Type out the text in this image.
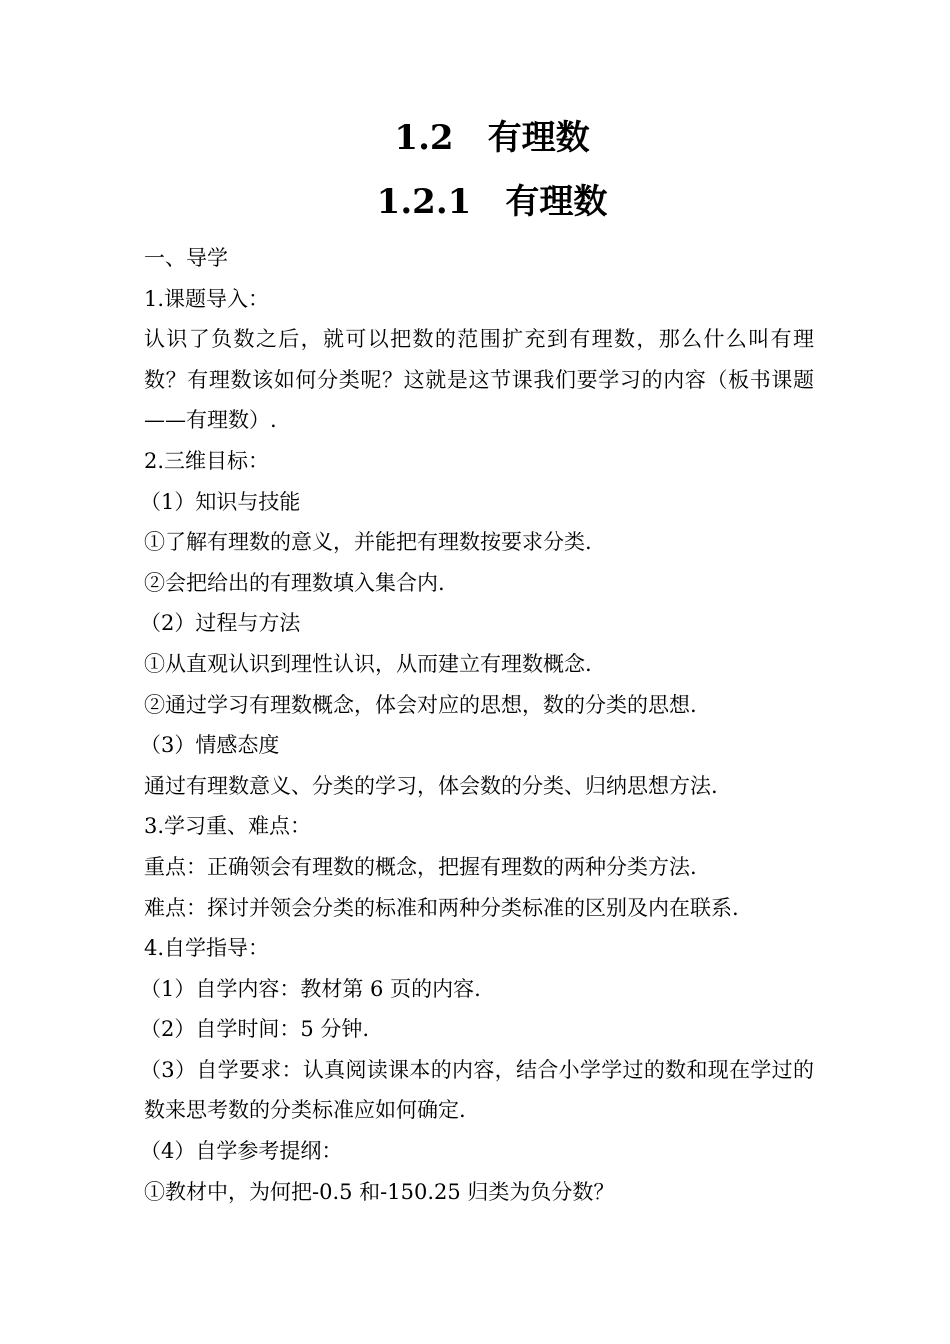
1.2　有理数
1.2.1　有理数

一、导学

1.课题导入：

认识了负数之后，就可以把数的范围扩充到有理数，那么什么叫有理数？有理数该如何分类呢？这就是这节课我们要学习的内容（板书课题——有理数）.

2.三维目标：

（1）知识与技能

①了解有理数的意义，并能把有理数按要求分类.

②会把给出的有理数填入集合内.

（2）过程与方法

①从直观认识到理性认识，从而建立有理数概念.

②通过学习有理数概念，体会对应的思想，数的分类的思想.

（3）情感态度

通过有理数意义、分类的学习，体会数的分类、归纳思想方法.

3.学习重、难点：

重点：正确领会有理数的概念，把握有理数的两种分类方法.

难点：探讨并领会分类的标准和两种分类标准的区别及内在联系.

4.自学指导：

（1）自学内容：教材第 6 页的内容.

（2）自学时间：5 分钟.

（3）自学要求：认真阅读课本的内容，结合小学学过的数和现在学过的数来思考数的分类标准应如何确定.

（4）自学参考提纲：

①教材中，为何把-0.5 和-150.25 归类为负分数？
